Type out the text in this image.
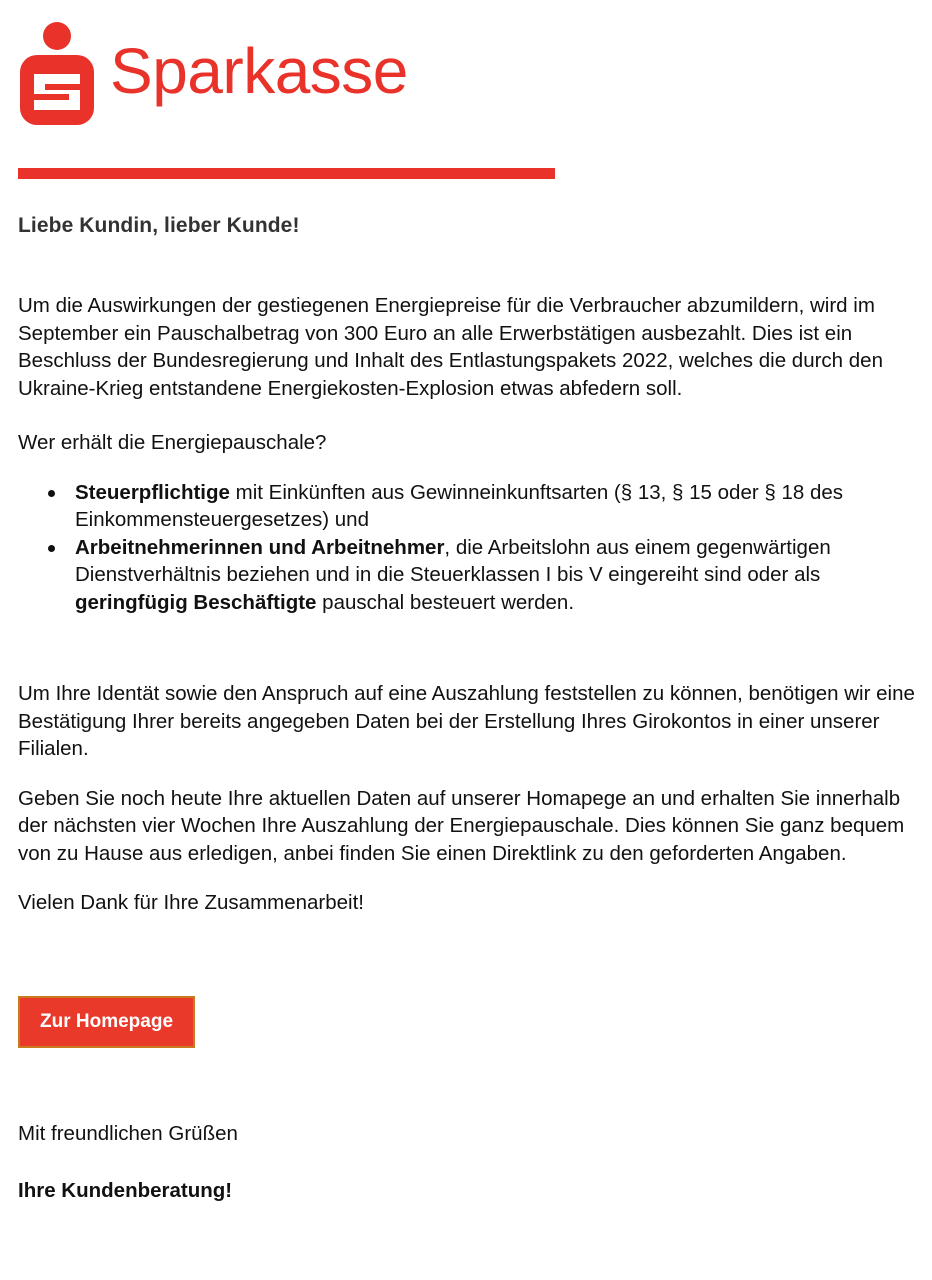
Sparkasse
Liebe Kundin, lieber Kunde!

Um die Auswirkungen der gestiegenen Energiepreise für die Verbraucher abzumildern, wird im September ein Pauschalbetrag von 300 Euro an alle Erwerbstätigen ausbezahlt. Dies ist ein Beschluss der Bundesregierung und Inhalt des Entlastungspakets 2022, welches die durch den Ukraine-Krieg entstandene Energiekosten-Explosion etwas abfedern soll.

Wer erhält die Energiepauschale?

Steuerpflichtige mit Einkünften aus Gewinneinkunftsarten (§ 13, § 15 oder § 18 des Einkommensteuergesetzes) und
Arbeitnehmerinnen und Arbeitnehmer, die Arbeitslohn aus einem gegenwärtigen Dienstverhältnis beziehen und in die Steuerklassen I bis V eingereiht sind oder als geringfügig Beschäftigte pauschal besteuert werden.

Um Ihre Identät sowie den Anspruch auf eine Auszahlung feststellen zu können, benötigen wir eine Bestätigung Ihrer bereits angegeben Daten bei der Erstellung Ihres Girokontos in einer unserer Filialen.

Geben Sie noch heute Ihre aktuellen Daten auf unserer Homapege an und erhalten Sie innerhalb der nächsten vier Wochen Ihre Auszahlung der Energiepauschale. Dies können Sie ganz bequem von zu Hause aus erledigen, anbei finden Sie einen Direktlink zu den geforderten Angaben.

Vielen Dank für Ihre Zusammenarbeit!

Zur Homepage

Mit freundlichen Grüßen

Ihre Kundenberatung!
